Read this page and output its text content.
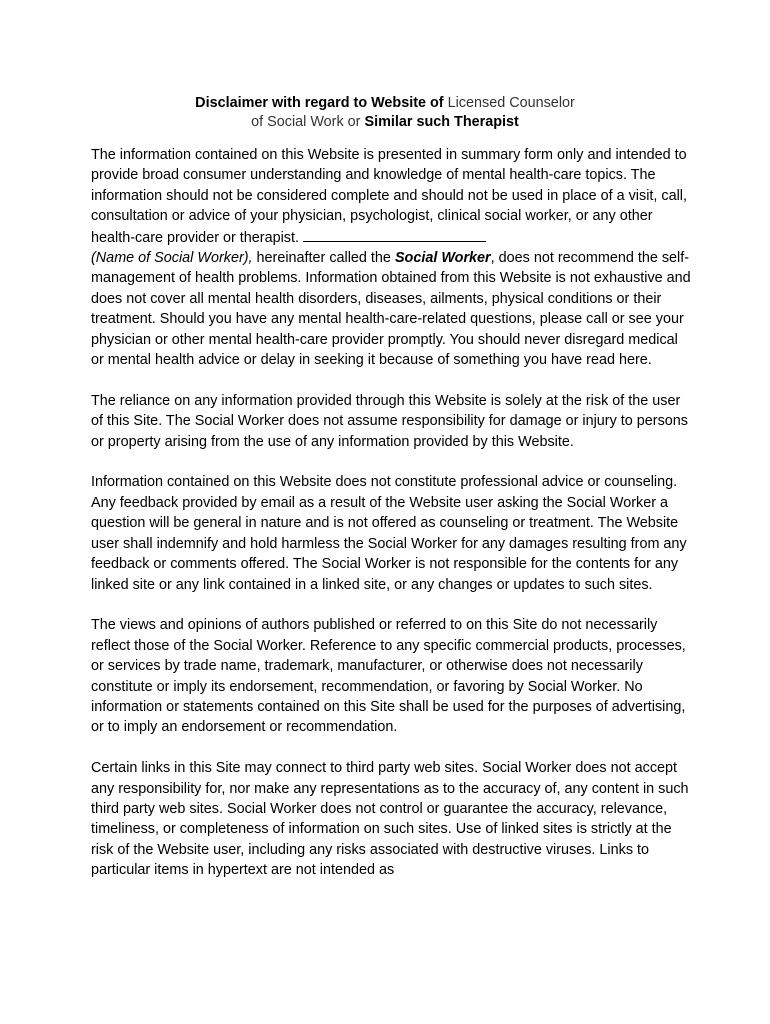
Disclaimer with regard to Website of Licensed Counselor
of Social Work or Similar such Therapist

The information contained on this Website is presented in summary form only and intended to provide broad consumer understanding and knowledge of mental health-care topics. The information should not be considered complete and should not be used in place of a visit, call, consultation or advice of your physician, psychologist, clinical social worker, or any other health-care provider or therapist.
(Name of Social Worker), hereinafter called the Social Worker, does not recommend the self-management of health problems. Information obtained from this Website is not exhaustive and does not cover all mental health disorders, diseases, ailments, physical conditions or their treatment. Should you have any mental health-care-related questions, please call or see your physician or other mental health-care provider promptly. You should never disregard medical or mental health advice or delay in seeking it because of something you have read here.

The reliance on any information provided through this Website is solely at the risk of the user of this Site. The Social Worker does not assume responsibility for damage or injury to persons or property arising from the use of any information provided by this Website.

Information contained on this Website does not constitute professional advice or counseling. Any feedback provided by email as a result of the Website user asking the Social Worker a question will be general in nature and is not offered as counseling or treatment. The Website user shall indemnify and hold harmless the Social Worker for any damages resulting from any feedback or comments offered. The Social Worker is not responsible for the contents for any linked site or any link contained in a linked site, or any changes or updates to such sites.

The views and opinions of authors published or referred to on this Site do not necessarily reflect those of the Social Worker. Reference to any specific commercial products, processes, or services by trade name, trademark, manufacturer, or otherwise does not necessarily constitute or imply its endorsement, recommendation, or favoring by Social Worker. No information or statements contained on this Site shall be used for the purposes of advertising, or to imply an endorsement or recommendation.

Certain links in this Site may connect to third party web sites. Social Worker does not accept any responsibility for, nor make any representations as to the accuracy of, any content in such third party web sites. Social Worker does not control or guarantee the accuracy, relevance, timeliness, or completeness of information on such sites. Use of linked sites is strictly at the risk of the Website user, including any risks associated with destructive viruses. Links to particular items in hypertext are not intended as
